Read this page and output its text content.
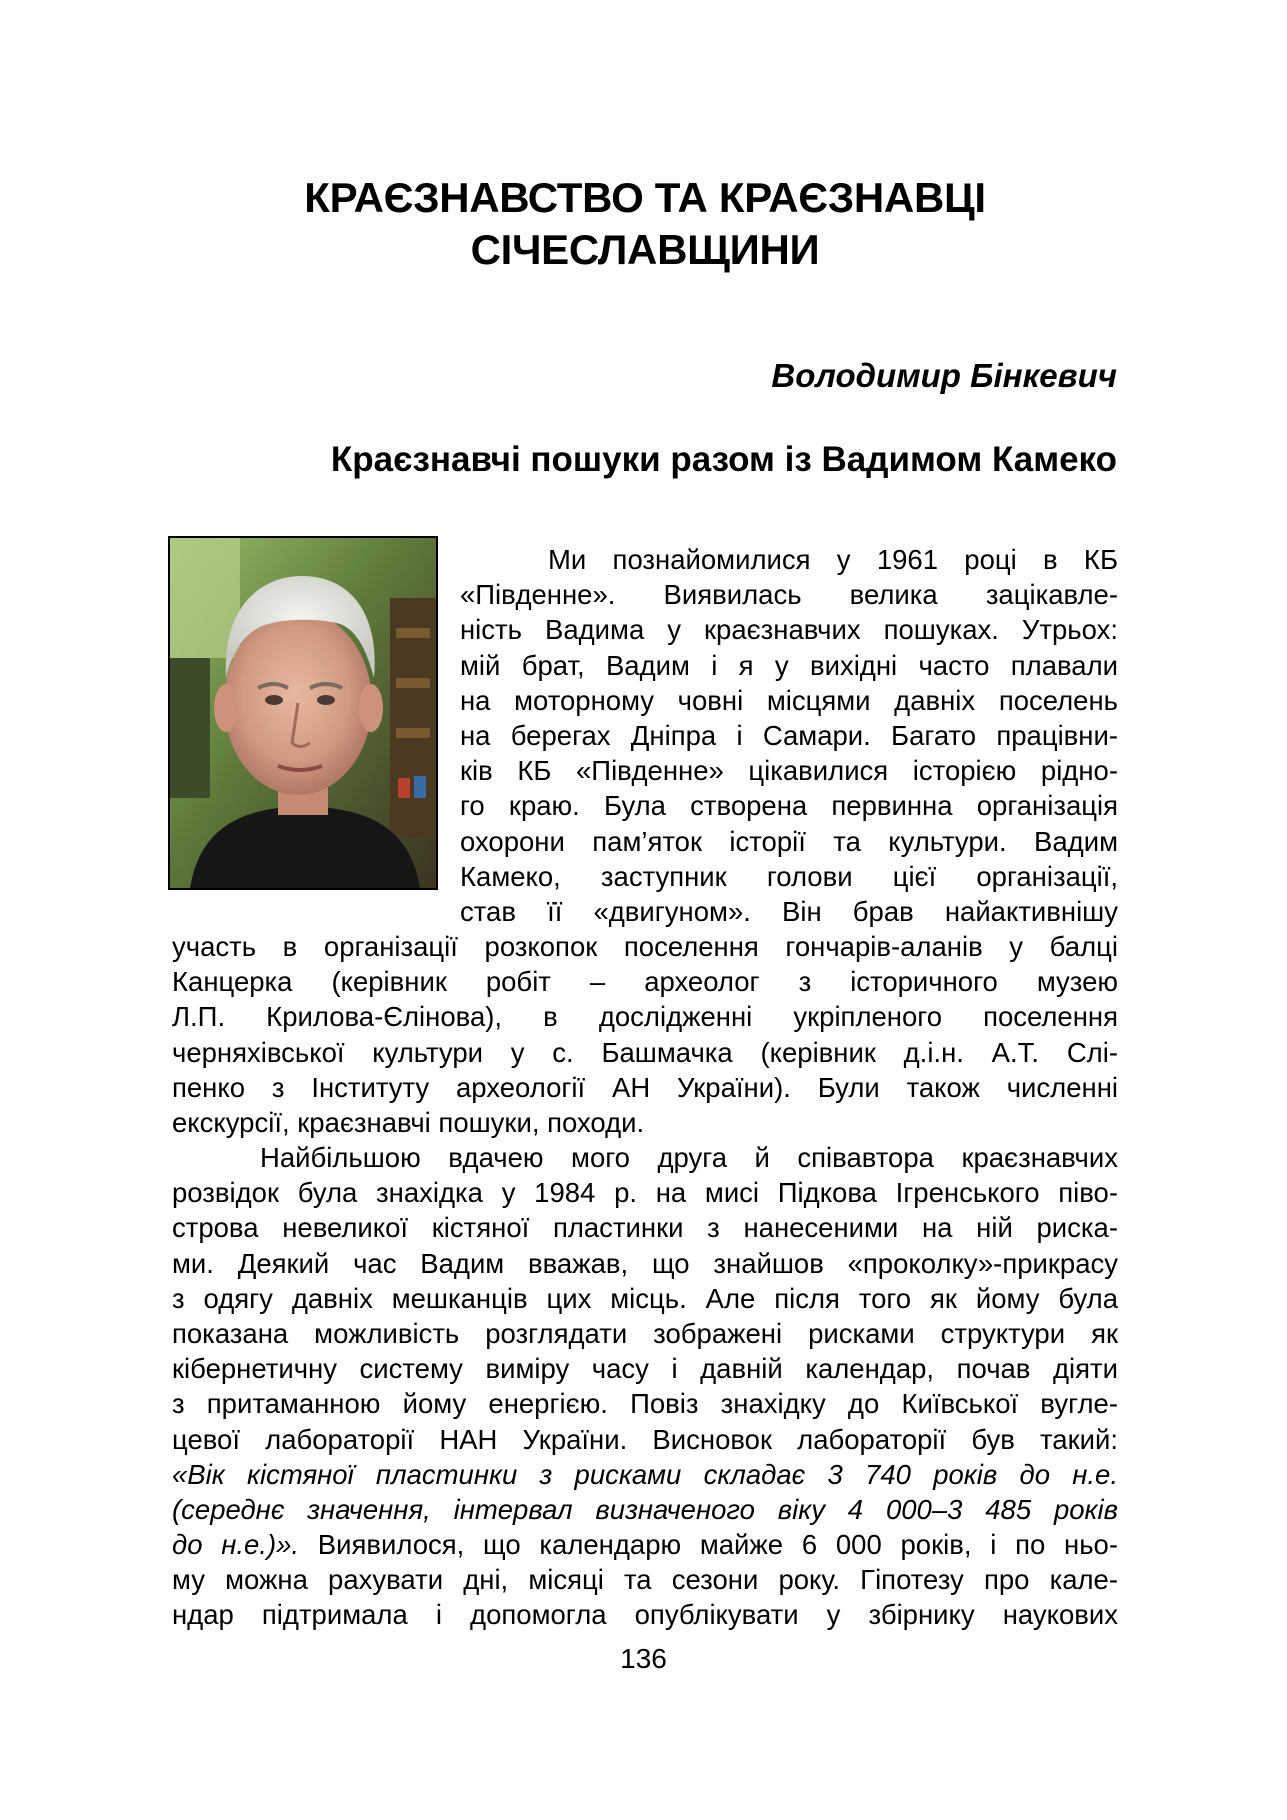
КРАЄЗНАВСТВО ТА КРАЄЗНАВЦІ
СІЧЕСЛАВЩИНИ

Володимир Бінкевич

Краєзнавчі пошуки разом із Вадимом Камеко
Ми познайомилися у 1961 році в КБ
«Південне». Виявилась велика зацікавле-
ність Вадима у краєзнавчих пошуках. Утрьох:
мій брат, Вадим і я у вихідні часто плавали
на моторному човні місцями давніх поселень
на берегах Дніпра і Самари. Багато працівни-
ків КБ «Південне» цікавилися історією рідно-
го краю. Була створена первинна організація
охорони пам’яток історії та культури. Вадим
Камеко, заступник голови цієї організації,
став її «двигуном». Він брав найактивнішу
участь в організації розкопок поселення гончарів-аланів у балці
Канцерка (керівник робіт – археолог з історичного музею
Л.П. Крилова-Єлінова), в дослідженні укріпленого поселення
черняхівської культури у с. Башмачка (керівник д.і.н. А.Т. Слі-
пенко з Інституту археології АН України). Були також численні
екскурсії, краєзнавчі пошуки, походи.
Найбільшою вдачею мого друга й співавтора краєзнавчих
розвідок була знахідка у 1984 р. на мисі Підкова Ігренського піво-
строва невеликої кістяної пластинки з нанесеними на ній риска-
ми. Деякий час Вадим вважав, що знайшов «проколку»-прикрасу
з одягу давніх мешканців цих місць. Але після того як йому була
показана можливість розглядати зображені рисками структури як
кібернетичну систему виміру часу і давній календар, почав діяти
з притаманною йому енергією. Повіз знахідку до Київської вугле-
цевої лабораторії НАН України. Висновок лабораторії був такий:
«Вік кістяної пластинки з рисками складає 3 740 років до н.е.
(середнє значення, інтервал визначеного віку 4 000–3 485 років
до н.е.)». Виявилося, що календарю майже 6 000 років, і по ньо-
му можна рахувати дні, місяці та сезони року. Гіпотезу про кале-
ндар підтримала і допомогла опублікувати у збірнику наукових

136
